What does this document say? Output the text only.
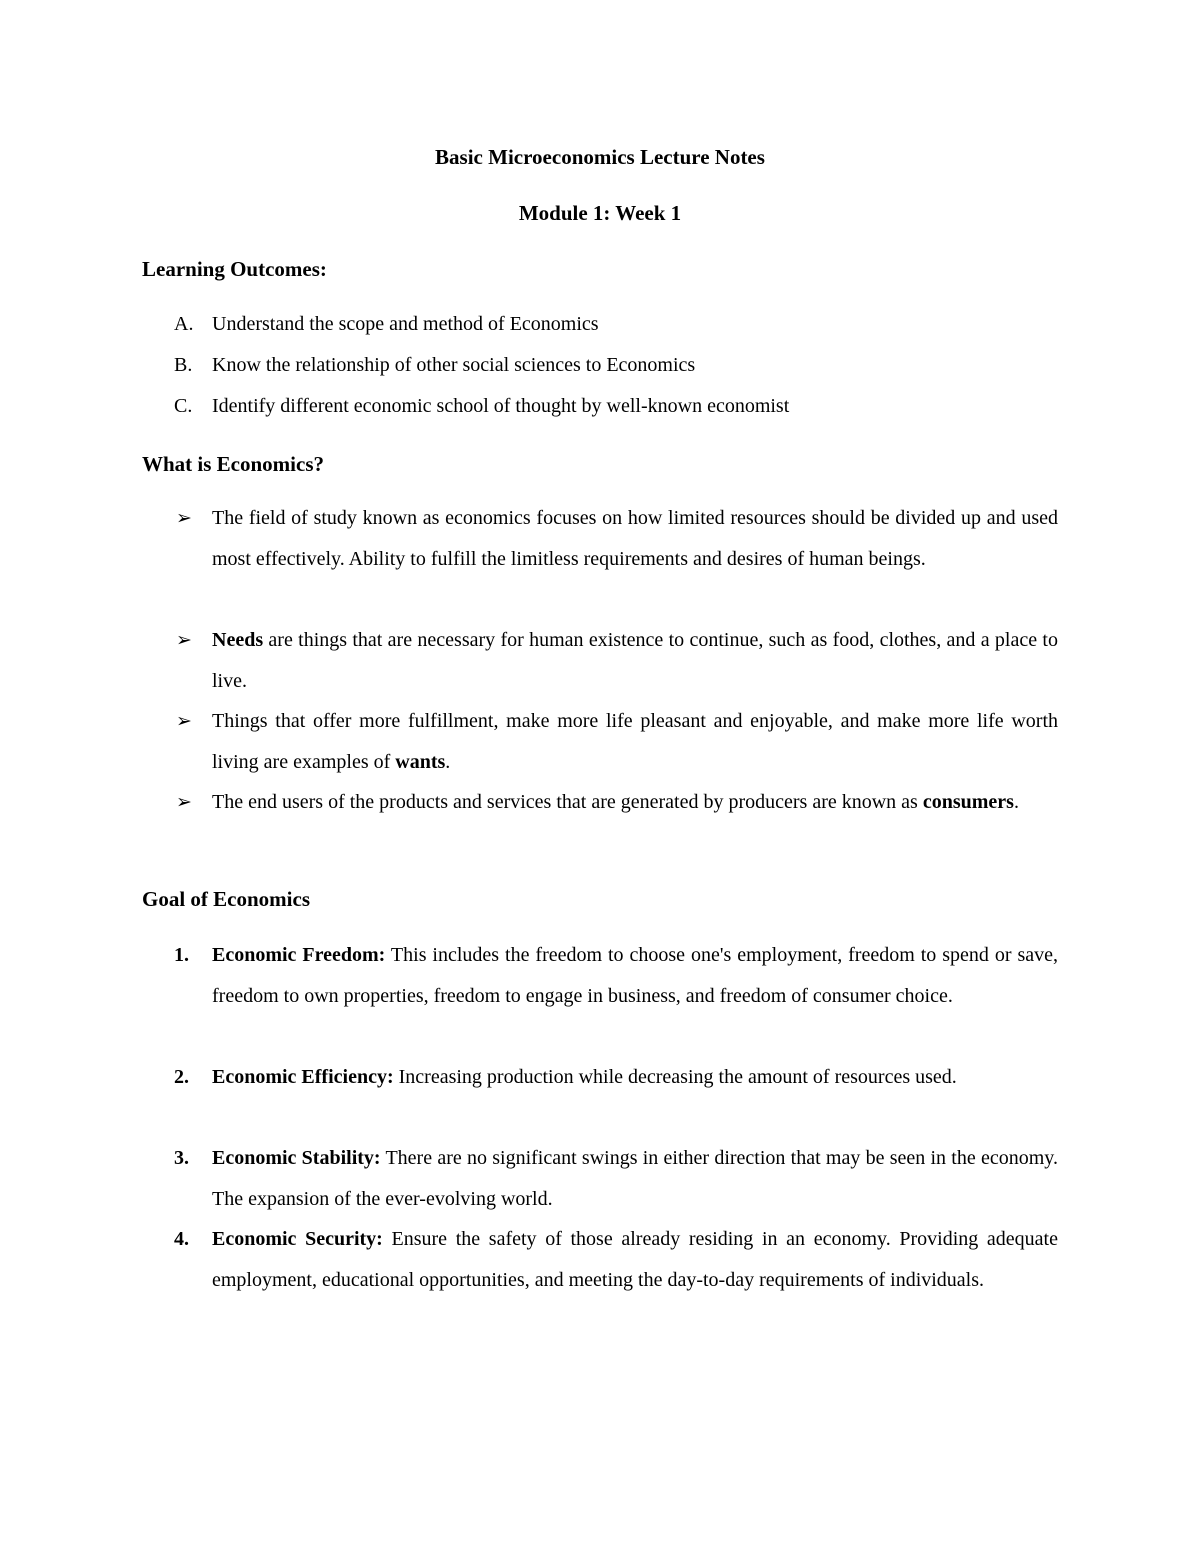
Basic Microeconomics Lecture Notes
Module 1: Week 1
Learning Outcomes:
A. Understand the scope and method of Economics
B. Know the relationship of other social sciences to Economics
C. Identify different economic school of thought by well-known economist
What is Economics?
➢	The field of study known as economics focuses on how limited resources should be divided up and used most effectively. Ability to fulfill the limitless requirements and desires of human beings.
➢	Needs are things that are necessary for human existence to continue, such as food, clothes, and a place to live.
➢	Things that offer more fulfillment, make more life pleasant and enjoyable, and make more life worth living are examples of wants.
➢	The end users of the products and services that are generated by producers are known as consumers.
Goal of Economics
1.	Economic Freedom: This includes the freedom to choose one's employment, freedom to spend or save, freedom to own properties, freedom to engage in business, and freedom of consumer choice.
2.	Economic Efficiency: Increasing production while decreasing the amount of resources used.
3.	Economic Stability: There are no significant swings in either direction that may be seen in the economy. The expansion of the ever-evolving world.
4.	Economic Security: Ensure the safety of those already residing in an economy. Providing adequate employment, educational opportunities, and meeting the day-to-day requirements of individuals.
